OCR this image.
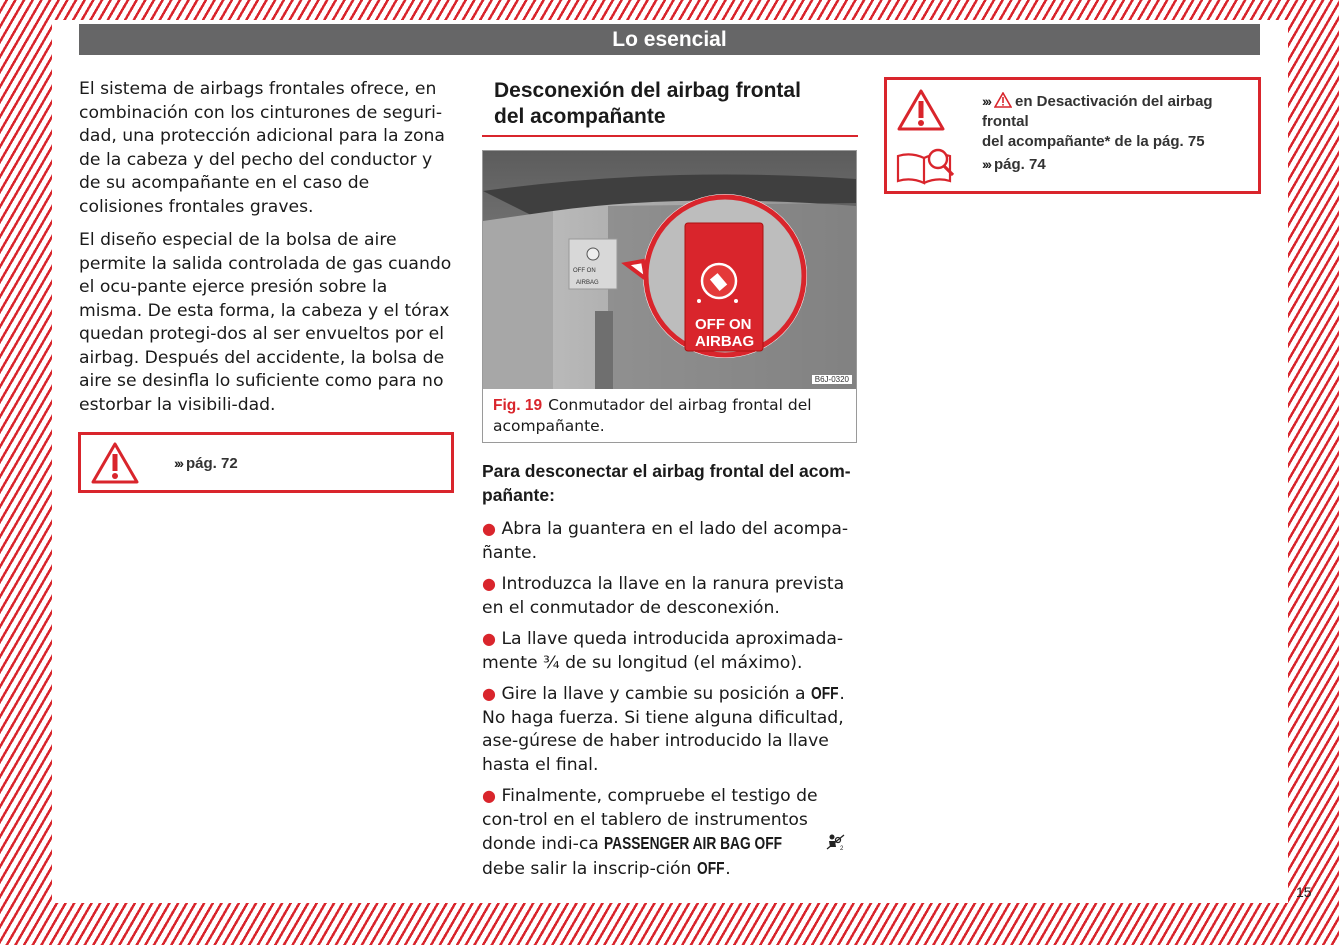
Lo esencial

El sistema de airbags frontales ofrece, en combinación con los cinturones de seguri-dad, una protección adicional para la zona de la cabeza y del pecho del conductor y de su acompañante en el caso de colisiones frontales graves.

El diseño especial de la bolsa de aire permite la salida controlada de gas cuando el ocu-pante ejerce presión sobre la misma. De esta forma, la cabeza y el tórax quedan protegi-dos al ser envueltos por el airbag. Después del accidente, la bolsa de aire se desinfla lo suficiente como para no estorbar la visibili-dad.

››› pág. 72
Desconexión del airbag frontal
del acompañante
OFF ON
AIRBAG
OFF ON
AIRBAG
B6J-0320
Fig. 19 Conmutador del airbag frontal del acompañante.

Para desconectar el airbag frontal del acom-pañante:

● Abra la guantera en el lado del acompa-ñante.

● Introduzca la llave en la ranura prevista en el conmutador de desconexión.

● La llave queda introducida aproximada-mente ¾ de su longitud (el máximo).

● Gire la llave y cambie su posición a OFF. No haga fuerza. Si tiene alguna dificultad, ase-gúrese de haber introducido la llave hasta el final.

● Finalmente, compruebe el testigo de con-trol en el tablero de instrumentos donde indi-ca PASSENGER AIR BAG OFF	2
debe salir la inscrip-ción OFF.

››› en Desactivación del airbag frontal
del acompañante* de la pág. 75
››› pág. 74
15
